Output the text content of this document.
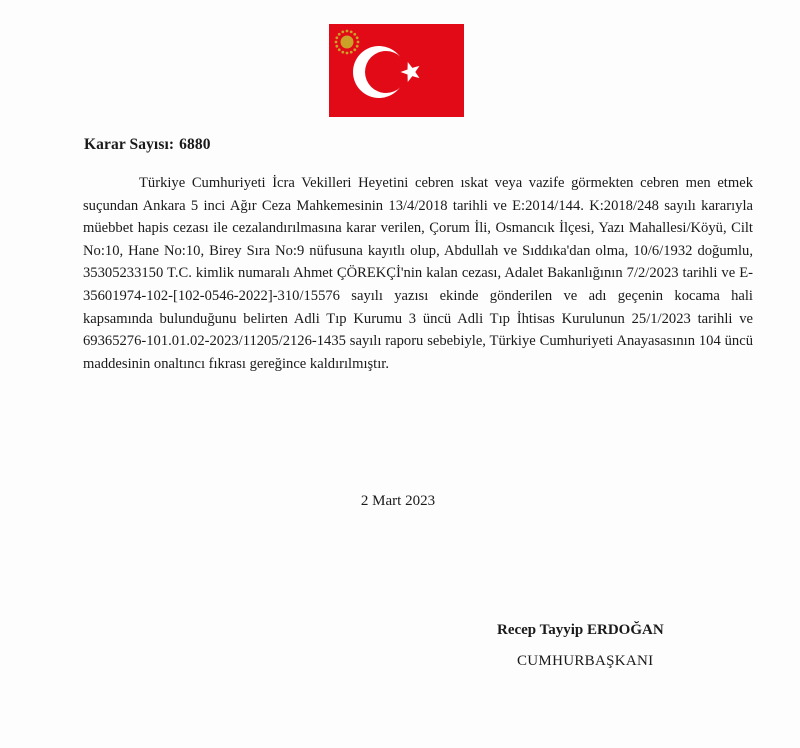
Karar Sayısı: 6880

Türkiye Cumhuriyeti İcra Vekilleri Heyetini cebren ıskat veya vazife görmekten cebren men etmek suçundan Ankara 5 inci Ağır Ceza Mahkemesinin 13/4/2018 tarihli ve E:2014/144. K:2018/248 sayılı kararıyla müebbet hapis cezası ile cezalandırılmasına karar verilen, Çorum İli, Osmancık İlçesi, Yazı Mahallesi/Köyü, Cilt No:10, Hane No:10, Birey Sıra No:9 nüfusuna kayıtlı olup, Abdullah ve Sıddıka'dan olma, 10/6/1932 doğumlu, 35305233150 T.C. kimlik numaralı Ahmet ÇÖREKÇİ'nin kalan cezası, Adalet Bakanlığının 7/2/2023 tarihli ve E-35601974-102-[102-0546-2022]-310/15576 sayılı yazısı ekinde gönderilen ve adı geçenin kocama hali kapsamında bulunduğunu belirten Adli Tıp Kurumu 3 üncü Adli Tıp İhtisas Kurulunun 25/1/2023 tarihli ve 69365276-101.01.02-2023/11205/2126-1435 sayılı raporu sebebiyle, Türkiye Cumhuriyeti Anayasasının 104 üncü maddesinin onaltıncı fıkrası gereğince kaldırılmıştır.

2 Mart 2023
Recep Tayyip ERDOĞAN
CUMHURBAŞKANI
